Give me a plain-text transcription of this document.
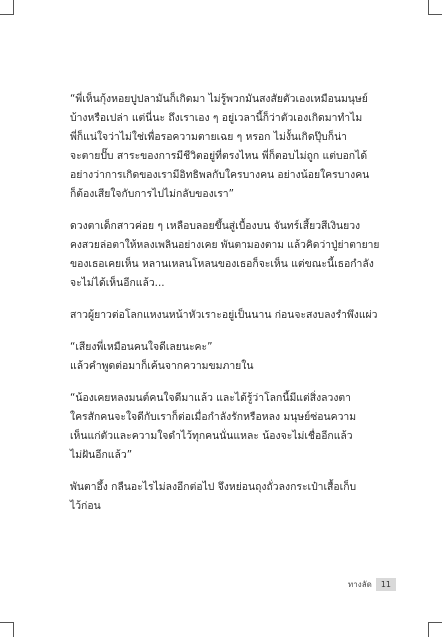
“พี่เห็นกุ้งหอยปูปลามันก็เกิดมา ไม่รู้พวกมันสงสัยตัวเองเหมือนมนุษย์
บ้างหรือเปล่า แต่นี่นะ ถึงเราเอง ๆ อยู่เวลานี้ก็ว่าตัวเองเกิดมาทำไม
พี่ก็แน่ใจว่าไม่ใช่เพื่อรอความตายเฉย ๆ หรอก ไม่งั้นเกิดปุ๊บก็น่า
จะตายปั๊บ สาระของการมีชีวิตอยู่ที่ตรงไหน พี่ก็ตอบไม่ถูก แต่บอกได้
อย่างว่าการเกิดของเรามีอิทธิพลกับใครบางคน อย่างน้อยใครบางคน
ก็ต้องเสียใจกับการไปไม่กลับของเรา”

ดวงตาเด็กสาวค่อย ๆ เหลือบลอยขึ้นสู่เบื้องบน จันทร์เสี้ยวสีเงินยวง
คงสวยล่อตาให้หลงเพลินอย่างเคย พันตามองตาม แล้วคิดว่าปู่ย่าตายาย
ของเธอเคยเห็น หลานเหลนโหลนของเธอก็จะเห็น แต่ขณะนี้เธอกำลัง
จะไม่ได้เห็นอีกแล้ว...

สาวผู้ยาวต่อโลกแหงนหน้าหัวเราะอยู่เป็นนาน ก่อนจะสงบลงรำพึงแผ่ว

“เสียงพี่เหมือนคนใจดีเลยนะคะ”
แล้วคำพูดต่อมาก็เค้นจากความขมภายใน

“น้องเคยหลงมนต์คนใจดีมาแล้ว และได้รู้ว่าโลกนี้มีแต่สิ่งลวงตา
ใครสักคนจะใจดีกับเราก็ต่อเมื่อกำลังรักหรือหลง มนุษย์ซ่อนความ
เห็นแก่ตัวและความใจดำไว้ทุกคนนั่นแหละ น้องจะไม่เชื่ออีกแล้ว
ไม่ฝันอีกแล้ว”

พันตาอึ้ง กลืนอะไรไม่ลงอีกต่อไป จึงหย่อนถุงถั่วลงกระเป๋าเสื้อเก็บ
ไว้ก่อน

ทางลัด	11
